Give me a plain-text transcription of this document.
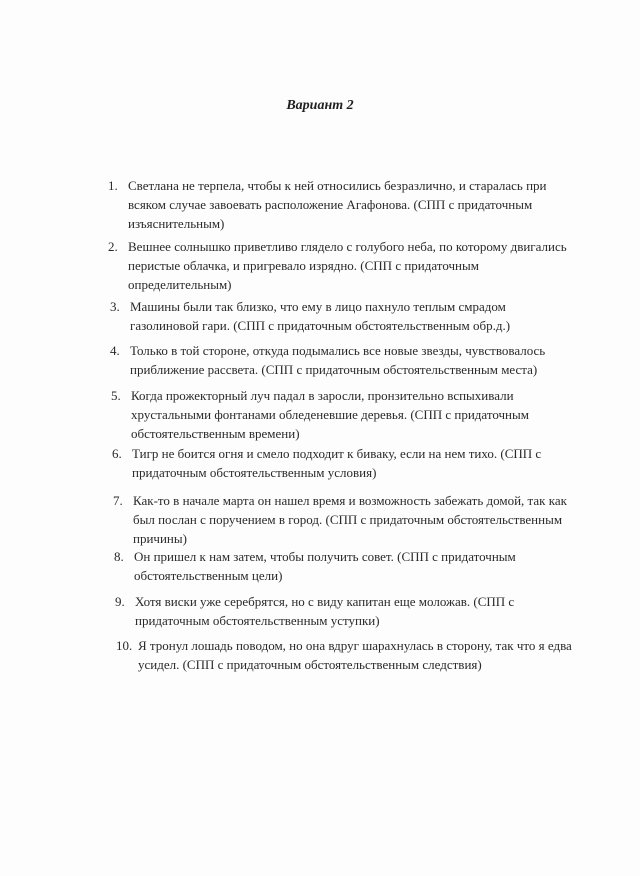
Вариант 2
1. Светлана не терпела, чтобы к ней относились безразлично, и старалась при
всяком случае завоевать расположение Агафонова. (СПП с придаточным
изъяснительным)
2. Вешнее солнышко приветливо глядело с голубого неба, по которому двигались
перистые облачка, и пригревало изрядно. (СПП с придаточным
определительным)
3. Машины были так близко, что ему в лицо пахнуло теплым смрадом
газолиновой гари. (СПП с придаточным обстоятельственным обр.д.)
4. Только в той стороне, откуда подымались все новые звезды, чувствовалось
приближение рассвета. (СПП с придаточным обстоятельственным места)
5. Когда прожекторный луч падал в заросли, пронзительно вспыхивали
хрустальными фонтанами обледеневшие деревья. (СПП с придаточным
обстоятельственным времени)
6. Тигр не боится огня и смело подходит к бивaку, если на нем тихо. (СПП с
придаточным обстоятельственным условия)
7. Как-то в начале марта он нашел время и возможность забежать домой, так как
был послан с поручением в город. (СПП с придаточным обстоятельственным
причины)
8. Он пришел к нам затем, чтобы получить совет. (СПП с придаточным
обстоятельственным цели)
9. Хотя виски уже серебрятся, но с виду капитан еще моложав. (СПП с
придаточным обстоятельственным уступки)
10. Я тронул лошадь поводом, но она вдруг шарахнулась в сторону, так что я едва
усидел. (СПП с придаточным обстоятельственным следствия)
